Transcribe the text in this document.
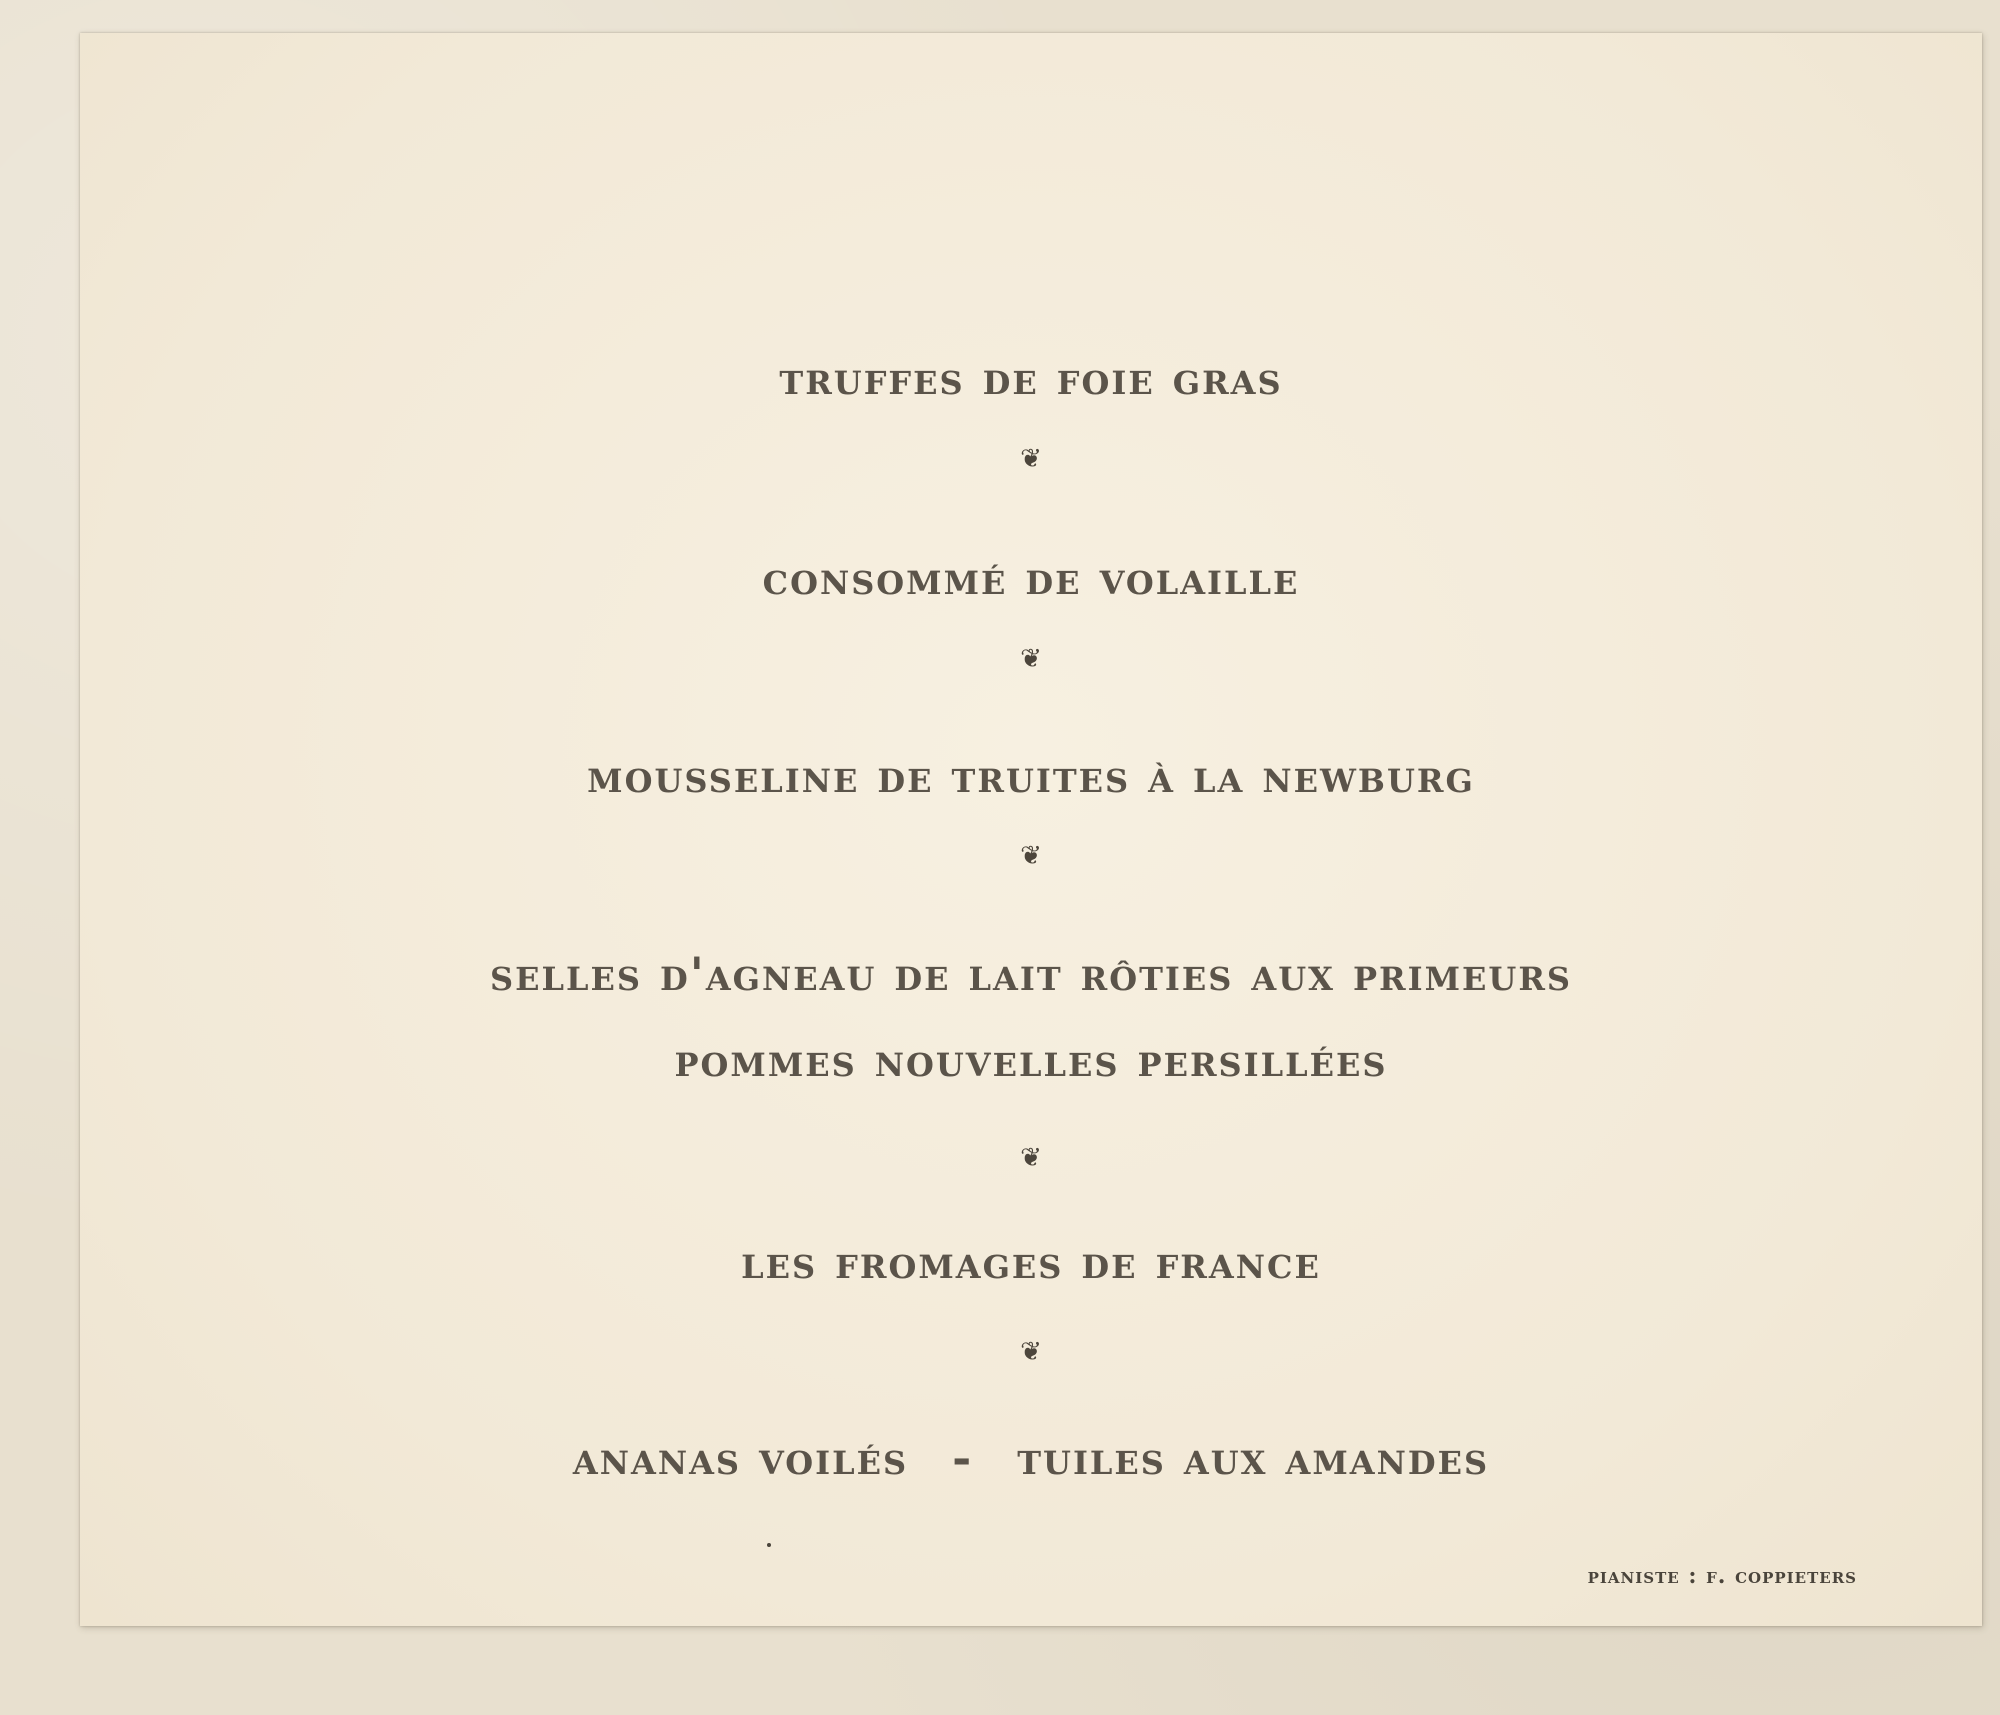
truffes de foie gras
❦
consommé de volaille
❦
mousseline de truites à la newburg
❦
selles d'agneau de lait rôties aux primeurs
pommes nouvelles persillées
❦
les fromages de france
❦
ananas voilés - tuiles aux amandes
pianiste : f. coppieters
